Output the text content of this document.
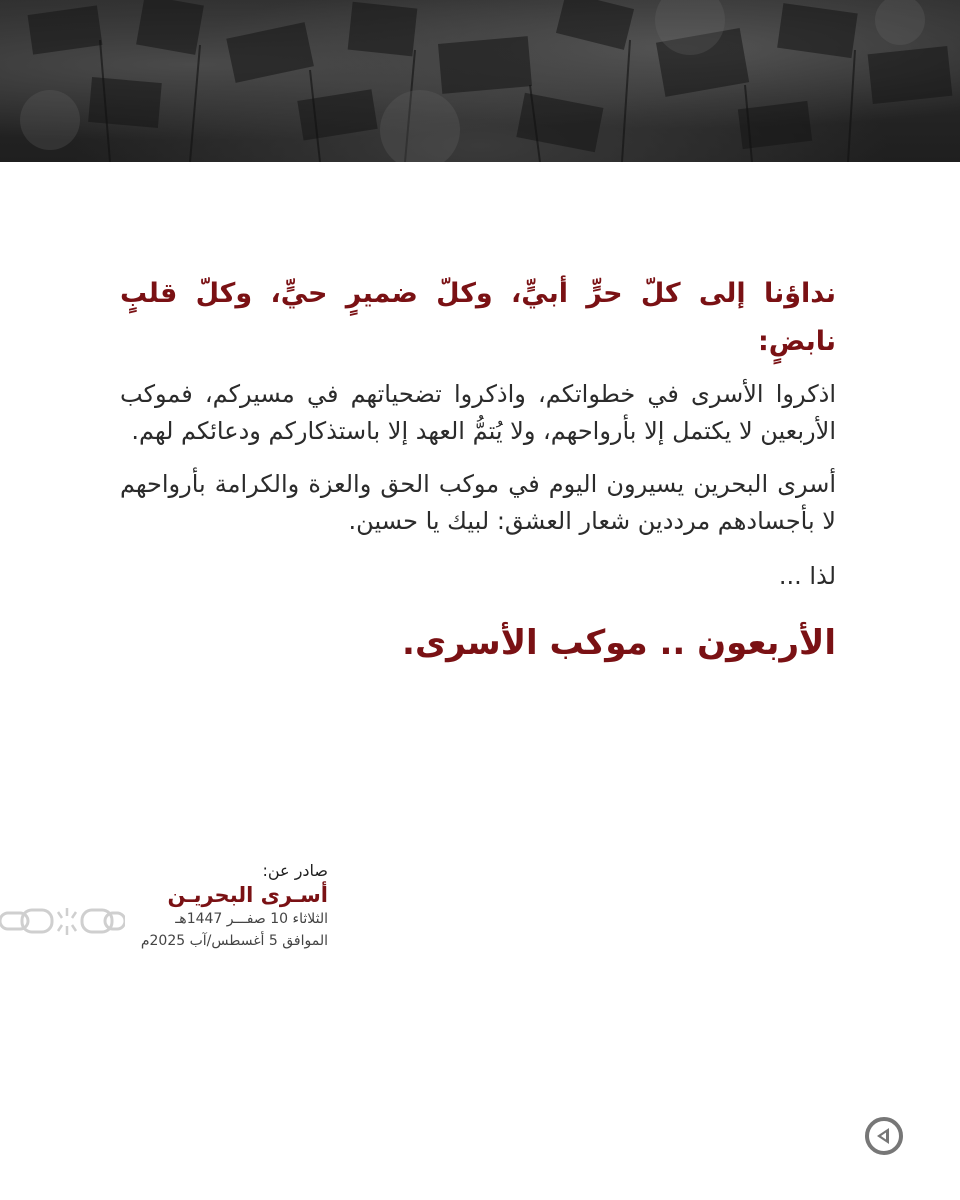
نداؤنا إلى كلّ حرٍّ أبيٍّ، وكلّ ضميرٍ حيٍّ، وكلّ قلبٍ نابضٍ:

اذكروا الأسرى في خطواتكم، واذكروا تضحياتهم في مسيركم، فموكب الأربعين لا يكتمل إلا بأرواحهم، ولا يُتمُّ العهد إلا باستذكاركم ودعائكم لهم.

أسرى البحرين يسيرون اليوم في موكب الحق والعزة والكرامة بأرواحهم لا بأجسادهم مرددين شعار العشق: لبيك يا حسين.

لذا ...

الأربعون .. موكب الأسرى.

صادر عن:
أسـرى البحريـن
الثلاثاء 10 صفـــر 1447هـ
الموافق 5 أغسطس/آب 2025م
